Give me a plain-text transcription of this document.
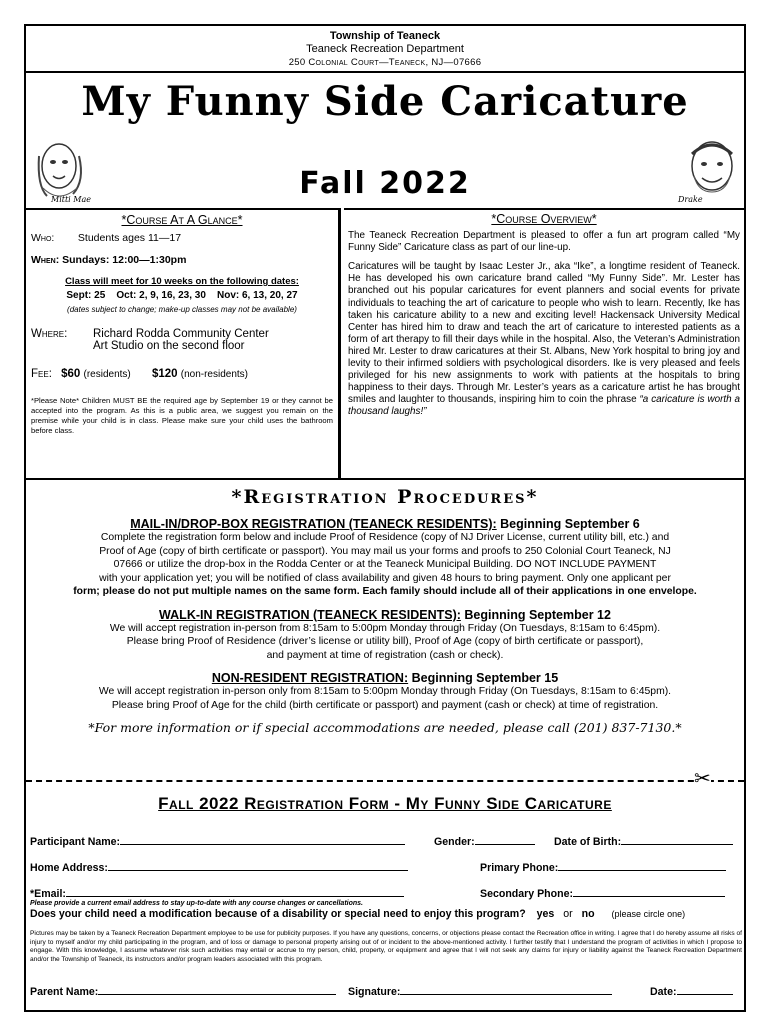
Township of Teaneck
Teaneck Recreation Department
250 Colonial Court—Teaneck, NJ—07666
My Funny Side Caricature
Mitti Mae	Fall 2022	Drake
*Course At A Glance*
Who: Students ages 11—17
When: Sundays: 12:00—1:30pm
Class will meet for 10 weeks on the following dates:
Sept: 25    Oct: 2, 9, 16, 23, 30    Nov: 6, 13, 20, 27
(dates subject to change; make-up classes may not be available)
Where:	Richard Rodda Community Center
Art Studio on the second floor
Fee: $60 (residents) $120 (non-residents)
*Please Note* Children MUST BE the required age by September 19 or they cannot be accepted into the program. As this is a public area, we suggest you remain on the premise while your child is in class. Please make sure your child uses the bathroom before class.
*Course Overview*

The Teaneck Recreation Department is pleased to offer a fun art program called “My Funny Side” Caricature class as part of our line-up.

Caricatures will be taught by Isaac Lester Jr., aka “Ike”, a longtime resident of Teaneck. He has developed his own caricature brand called “My Funny Side”. Mr. Lester has branched out his popular caricatures for event planners and social events for private individuals to teaching the art of caricature to people who wish to learn. Recently, Ike has taken his caricature ability to a new and exciting level! Hackensack University Medical Center has hired him to draw and teach the art of caricature to interested patients as a form of art therapy to fill their days while in the hospital. Also, the Veteran’s Administration hired Mr. Lester to draw caricatures at their St. Albans, New York hospital to bring joy and levity to their infirmed soldiers with psychological disorders. Ike is very pleased and feels privileged for his new assignments to work with patients at the hospitals to bring happiness to their days. Through Mr. Lester’s years as a caricature artist he has brought smiles and laughter to thousands, inspiring him to coin the phrase “a caricature is worth a thousand laughs!”

*Registration Procedures*
MAIL-IN/DROP-BOX REGISTRATION (TEANECK RESIDENTS): Beginning September 6
Complete the registration form below and include Proof of Residence (copy of NJ Driver License, current utility bill, etc.) and
Proof of Age (copy of birth certificate or passport). You may mail us your forms and proofs to 250 Colonial Court Teaneck, NJ
07666 or utilize the drop-box in the Rodda Center or at the Teaneck Municipal Building. DO NOT INCLUDE PAYMENT
with your application yet; you will be notified of class availability and given 48 hours to bring payment. Only one applicant per
form; please do not put multiple names on the same form. Each family should include all of their applications in one envelope.
WALK-IN REGISTRATION (TEANECK RESIDENTS): Beginning September 12
We will accept registration in-person from 8:15am to 5:00pm Monday through Friday (On Tuesdays, 8:15am to 6:45pm).
Please bring Proof of Residence (driver’s license or utility bill), Proof of Age (copy of birth certificate or passport),
and payment at time of registration (cash or check).
NON-RESIDENT REGISTRATION: Beginning September 15
We will accept registration in-person only from 8:15am to 5:00pm Monday through Friday (On Tuesdays, 8:15am to 6:45pm).
Please bring Proof of Age for the child (birth certificate or passport) and payment (cash or check) at time of registration.
*For more information or if special accommodations are needed, please call (201) 837-7130.*
✂
Fall 2022 Registration Form - My Funny Side Caricature
Participant Name:	Gender:	Date of Birth:
Home Address:	Primary Phone:
*Email:	Secondary Phone:
Please provide a current email address to stay up-to-date with any course changes or cancellations.
Does your child need a modification because of a disability or special need to enjoy this program? yes or no (please circle one)
Pictures may be taken by a Teaneck Recreation Department employee to be use for publicity purposes. If you have any questions, concerns, or objections please contact the Recreation office in writing. I agree that I do hereby assume all risks of injury to myself and/or my child participating in the program, and of loss or damage to personal property arising out of or incident to the above-mentioned activity. I further testify that I understand the program of activities in which I propose to engage. With this knowledge, I assume whatever risk such activities may entail or accrue to my person, child, property, or equipment and agree that I will not seek any claims for injury or liability against the Teaneck Recreation Department and/or the Township of Teaneck, its instructors and/or program leaders associated with this program.
Parent Name:	Signature:	Date:
